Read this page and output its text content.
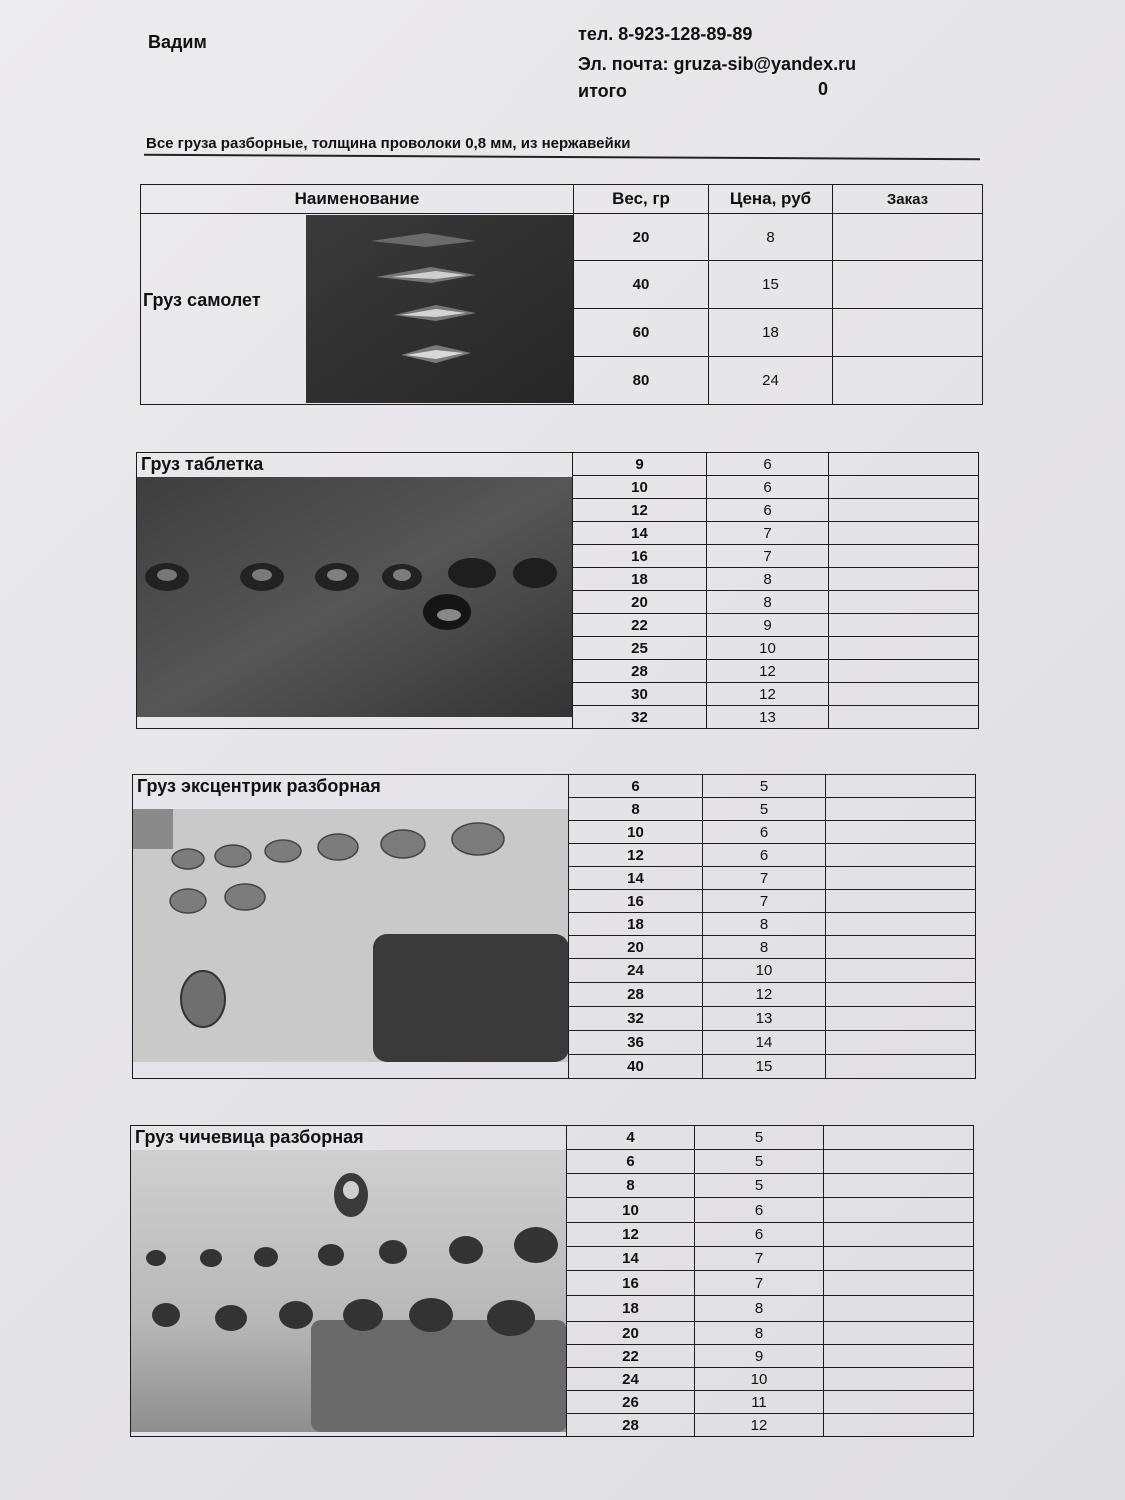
Вадим	тел. 8-923-128-89-89
Эл. почта: gruza-sib@yandex.ru
итого	0
Все груза разборные, толщина проволоки 0,8 мм, из нержавейки
Наименование	Вес, гр	Цена, руб	Заказ

Груз самолет	20	8	
	40	15	
	60	18	
	80	24	
Груз таблетка	9	6	
	10	6	
	12	6	
	14	7	
	16	7	
	18	8	
	20	8	
	22	9	
	25	10	
	28	12	
	30	12	
	32	13	
Груз эксцентрик разборная	6	5	
	8	5	
	10	6	
	12	6	
	14	7	
	16	7	
	18	8	
	20	8	
	24	10	
	28	12	
	32	13	
	36	14	
	40	15	
Груз чичевица разборная	4	5	
	6	5	
	8	5	
	10	6	
	12	6	
	14	7	
	16	7	
	18	8	
	20	8	
	22	9	
	24	10	
	26	11	
	28	12	
